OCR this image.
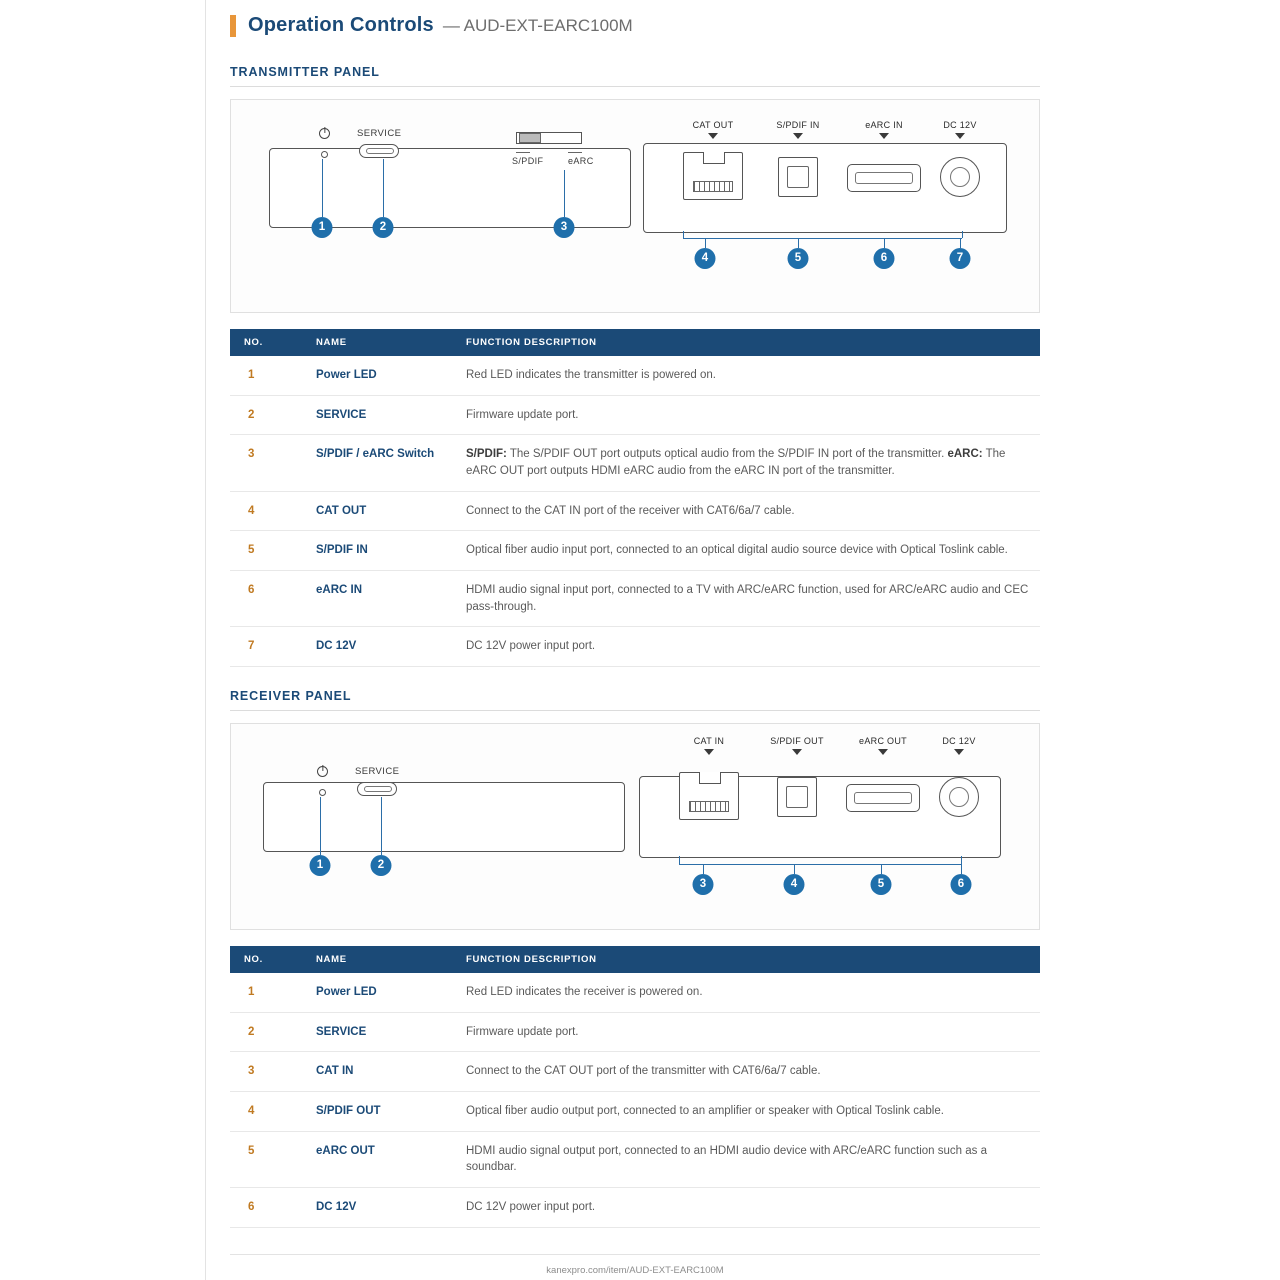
Operation Controls — AUD-EXT-EARC100M
TRANSMITTER PANEL
SERVICE
S/PDIF	eARC
CAT OUT	S/PDIF IN	eARC IN	DC 12V
1	2	3
4	5	6	7
NO.	NAME	FUNCTION DESCRIPTION
1	Power LED	Red LED indicates the transmitter is powered on.
2	SERVICE	Firmware update port.
3	S/PDIF / eARC Switch	S/PDIF: The S/PDIF OUT port outputs optical audio from the S/PDIF IN port of the transmitter. eARC: The eARC OUT port outputs HDMI eARC audio from the eARC IN port of the transmitter.
4	CAT OUT	Connect to the CAT IN port of the receiver with CAT6/6a/7 cable.
5	S/PDIF IN	Optical fiber audio input port, connected to an optical digital audio source device with Optical Toslink cable.
6	eARC IN	HDMI audio signal input port, connected to a TV with ARC/eARC function, used for ARC/eARC audio and CEC pass-through.
7	DC 12V	DC 12V power input port.
RECEIVER PANEL
SERVICE
CAT IN	S/PDIF OUT	eARC OUT	DC 12V
1	2
3	4	5	6
NO.	NAME	FUNCTION DESCRIPTION
1	Power LED	Red LED indicates the receiver is powered on.
2	SERVICE	Firmware update port.
3	CAT IN	Connect to the CAT OUT port of the transmitter with CAT6/6a/7 cable.
4	S/PDIF OUT	Optical fiber audio output port, connected to an amplifier or speaker with Optical Toslink cable.
5	eARC OUT	HDMI audio signal output port, connected to an HDMI audio device with ARC/eARC function such as a soundbar.
6	DC 12V	DC 12V power input port.
kanexpro.com/item/AUD-EXT-EARC100M
